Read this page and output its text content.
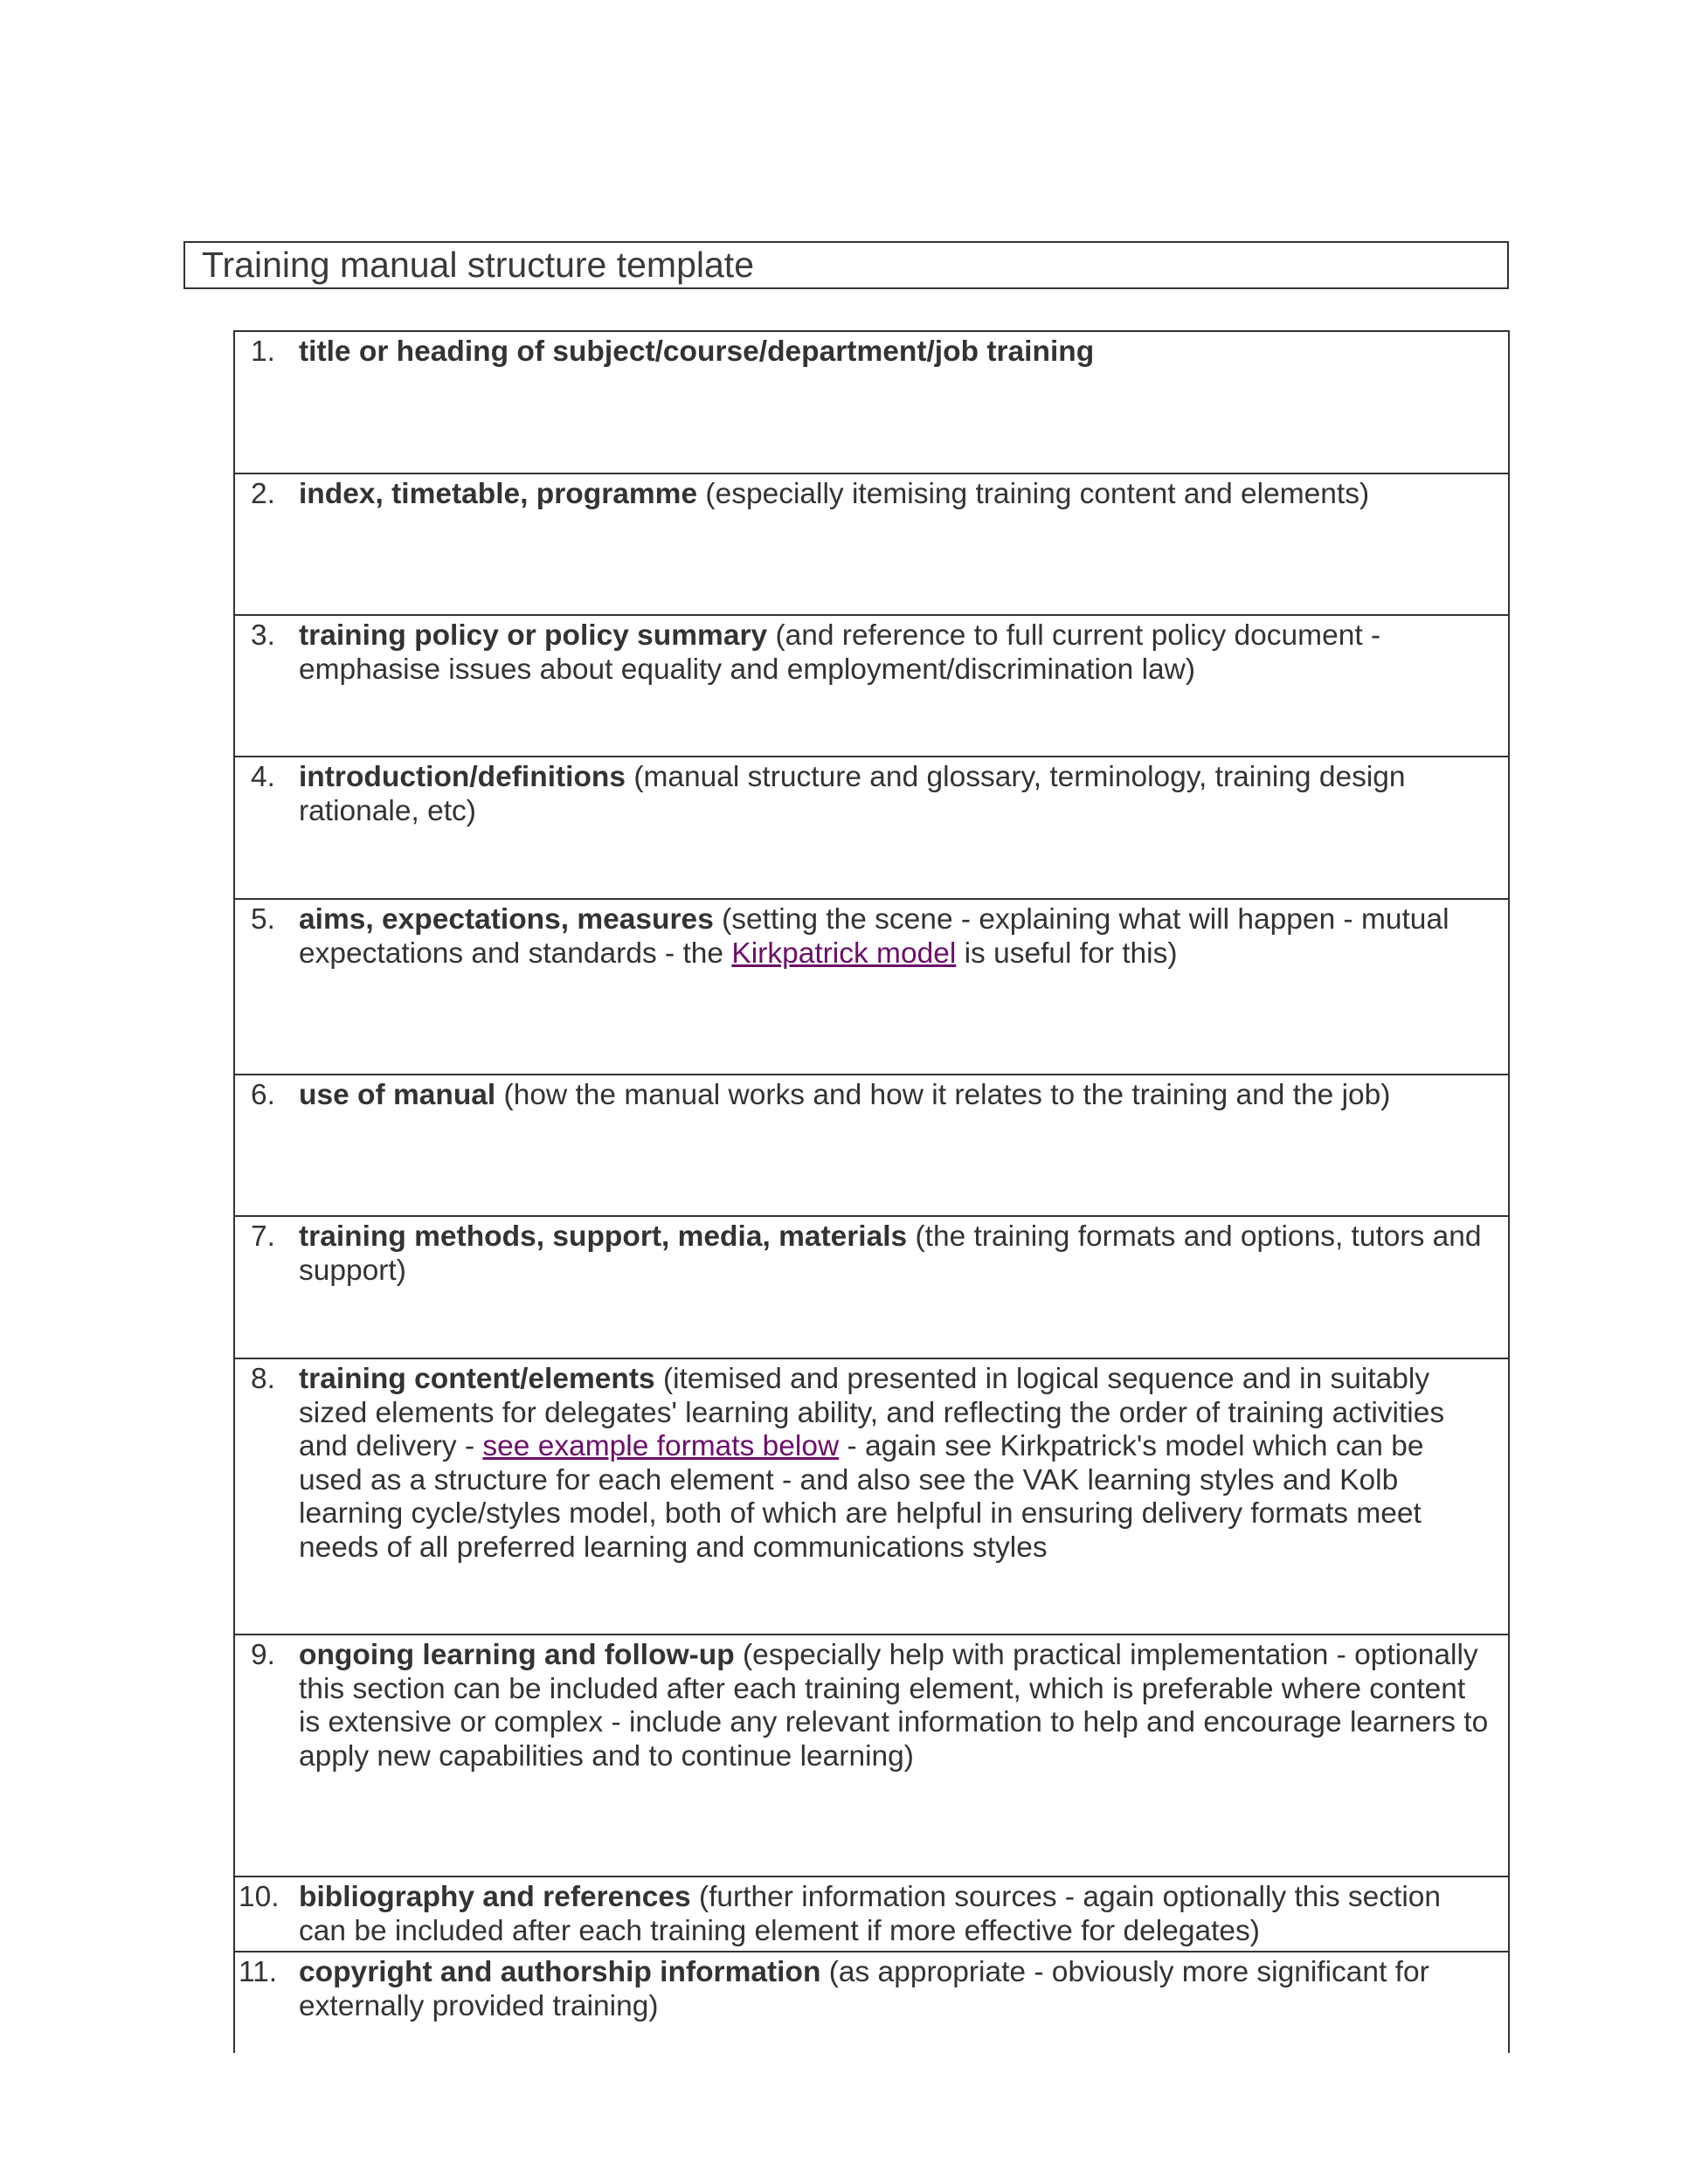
Training manual structure template
1. title or heading of subject/course/department/job training
2. index, timetable, programme (especially itemising training content and elements)
3. training policy or policy summary (and reference to full current policy document - emphasise issues about equality and employment/discrimination law)
4. introduction/definitions (manual structure and glossary, terminology, training design rationale, etc)
5. aims, expectations, measures (setting the scene - explaining what will happen - mutual expectations and standards - the Kirkpatrick model is useful for this)
6. use of manual (how the manual works and how it relates to the training and the job)
7. training methods, support, media, materials (the training formats and options, tutors and support)
8. training content/elements (itemised and presented in logical sequence and in suitably sized elements for delegates' learning ability, and reflecting the order of training activities and delivery - see example formats below - again see Kirkpatrick's model which can be used as a structure for each element - and also see the VAK learning styles and Kolb learning cycle/styles model, both of which are helpful in ensuring delivery formats meet needs of all preferred learning and communications styles
9. ongoing learning and follow-up (especially help with practical implementation - optionally this section can be included after each training element, which is preferable where content is extensive or complex - include any relevant information to help and encourage learners to apply new capabilities and to continue learning)
10. bibliography and references (further information sources - again optionally this section can be included after each training element if more effective for delegates)
11. copyright and authorship information (as appropriate - obviously more significant for externally provided training)
